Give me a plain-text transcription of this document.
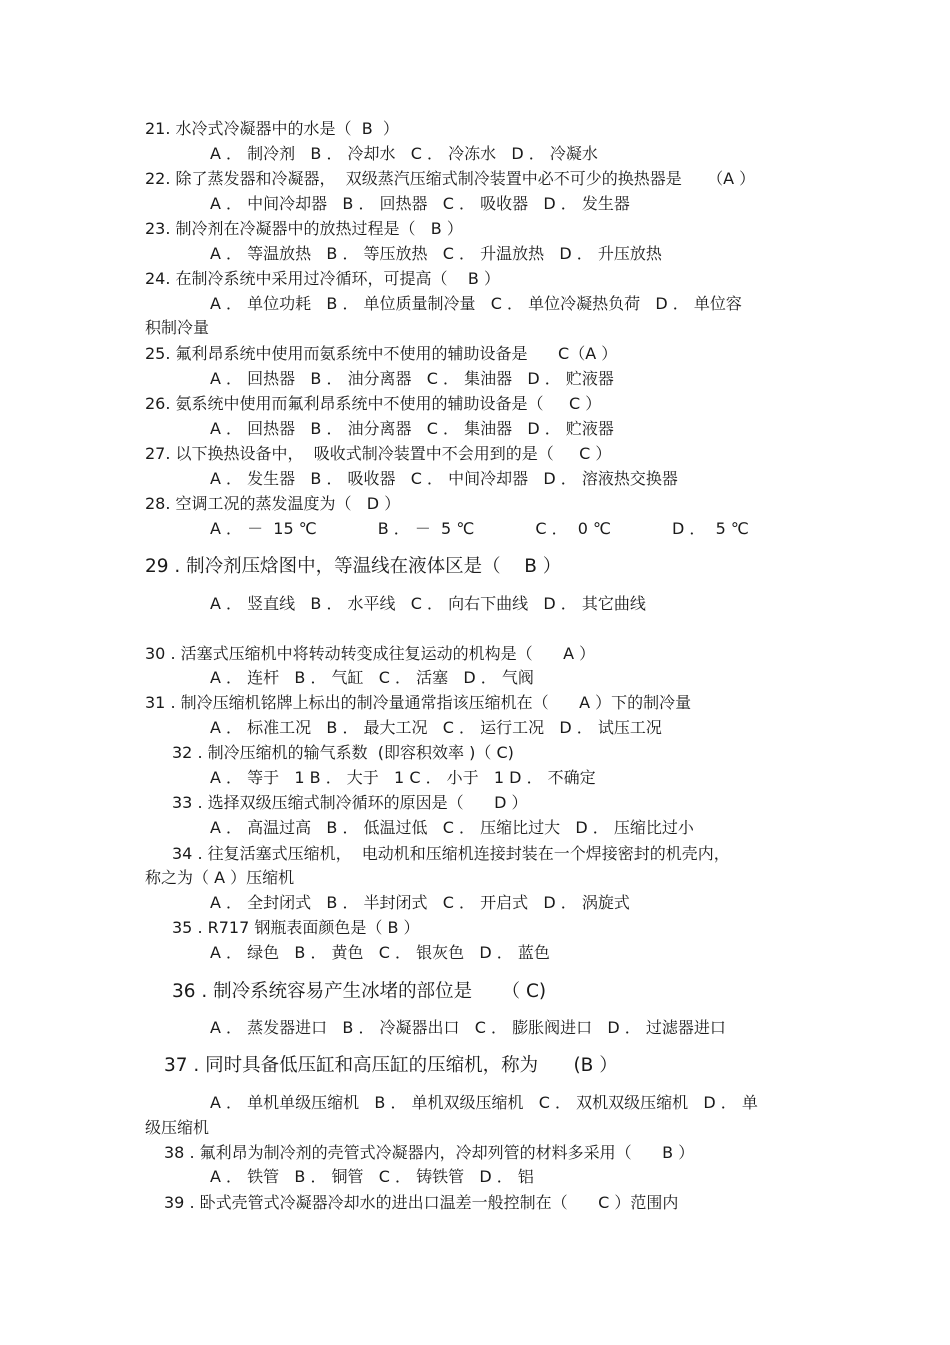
21. 水冷式冷凝器中的水是（  B  ）
A ． 制冷剂   B ． 冷却水   C ． 冷冻水   D ． 冷凝水
22. 除了蒸发器和冷凝器，  双级蒸汽压缩式制冷装置中必不可少的换热器是     （A ）
A ． 中间冷却器   B ． 回热器   C ． 吸收器   D ． 发生器
23. 制冷剂在冷凝器中的放热过程是（   B ）
A ． 等温放热   B ． 等压放热   C ． 升温放热   D ． 升压放热
24. 在制冷系统中采用过冷循环，可提高（    B ）
A ． 单位功耗   B ． 单位质量制冷量   C ． 单位冷凝热负荷   D ． 单位容
积制冷量
25. 氟利昂系统中使用而氨系统中不使用的辅助设备是      C（A ）
A ． 回热器   B ． 油分离器   C ． 集油器   D ． 贮液器
26. 氨系统中使用而氟利昂系统中不使用的辅助设备是（     C ）
A ． 回热器   B ． 油分离器   C ． 集油器   D ． 贮液器
27. 以下换热设备中，  吸收式制冷装置中不会用到的是（     C ）
A ． 发生器   B ． 吸收器   C ． 中间冷却器   D ． 溶液热交换器
28. 空调工况的蒸发温度为（   D ）
A ． －  15 ℃            B ． －  5 ℃            C ．  0 ℃            D ．  5 ℃
29 . 制冷剂压焓图中，等温线在液体区是（    B ）
A ． 竖直线   B ． 水平线   C ． 向右下曲线   D ． 其它曲线
30 . 活塞式压缩机中将转动转变成往复运动的机构是（      A ）
A ． 连杆   B ． 气缸   C ． 活塞   D ． 气阀
31 . 制冷压缩机铭牌上标出的制冷量通常指该压缩机在（      A ）下的制冷量
A ． 标准工况   B ． 最大工况   C ． 运行工况   D ． 试压工况
32 . 制冷压缩机的输气系数  (即容积效率 )（ C)
A ． 等于   1 B ． 大于   1 C ． 小于   1 D ． 不确定
33 . 选择双级压缩式制冷循环的原因是（      D ）
A ． 高温过高   B ． 低温过低   C ． 压缩比过大   D ． 压缩比过小
34 . 往复活塞式压缩机，  电动机和压缩机连接封装在一个焊接密封的机壳内，
称之为（ A ）压缩机
A ． 全封闭式   B ． 半封闭式   C ． 开启式   D ． 涡旋式
35 . R717 钢瓶表面颜色是（ B ）
A ． 绿色   B ． 黄色   C ． 银灰色   D ． 蓝色
36 . 制冷系统容易产生冰堵的部位是     （ C)
A ． 蒸发器进口   B ． 冷凝器出口   C ． 膨胀阀进口   D ． 过滤器进口
37 . 同时具备低压缸和高压缸的压缩机，称为      (B ）
A ． 单机单级压缩机   B ． 单机双级压缩机   C ． 双机双级压缩机   D ． 单
级压缩机
38 . 氟利昂为制冷剂的壳管式冷凝器内，冷却列管的材料多采用（      B ）
A ． 铁管   B ． 铜管   C ． 铸铁管   D ． 铝
39 . 卧式壳管式冷凝器冷却水的进出口温差一般控制在（      C ）范围内
